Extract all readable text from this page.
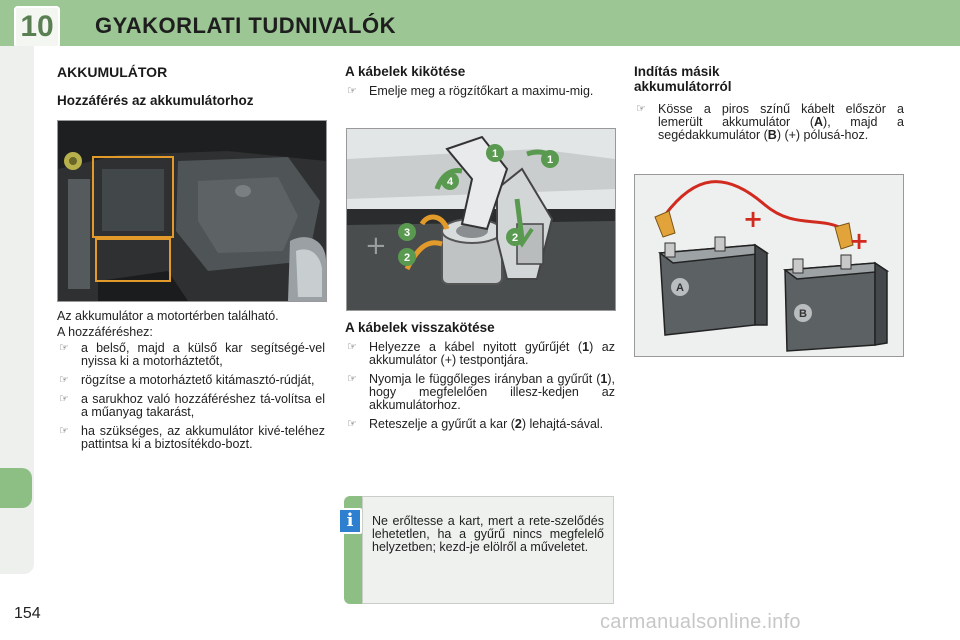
10 GYAKORLATI TUDNIVALÓK
AKKUMULÁTOR
Hozzáférés az akkumulátorhoz
Az akkumulátor a motortérben található.
A hozzáféréshez:
☞ a belső, majd a külső kar segítségé-vel nyissa ki a motorháztetőt,
☞ rögzítse a motorháztető kitámasztó-rúdját,
☞ a sarukhoz való hozzáféréshez tá-volítsa el a műanyag takarást,
☞ ha szükséges, az akkumulátor kivé-teléhez pattintsa ki a biztosítékdo-bozt.
A kábelek kikötése
☞ Emelje meg a rögzítőkart a maximu-mig.
+
1	1
4
3
2
2
A kábelek visszakötése
☞ Helyezze a kábel nyitott gyűrűjét (1) az akkumulátor (+) testpontjára.
☞ Nyomja le függőleges irányban a gyűrűt (1), hogy megfelelően illesz-kedjen az akkumulátorhoz.
☞ Reteszelje a gyűrűt a kar (2) lehajtá-sával.
i	Ne erőltesse a kart, mert a rete-szelődés lehetetlen, ha a gyűrű nincs megfelelő helyzetben; kezd-je elölről a műveletet.
Indítás másik
akkumulátorról
☞ Kösse a piros színű kábelt először a lemerült akkumulátor (A), majd a segédakkumulátor (B) (+) pólusá-hoz.
+
+
A
B
154	carmanualsonline.info
